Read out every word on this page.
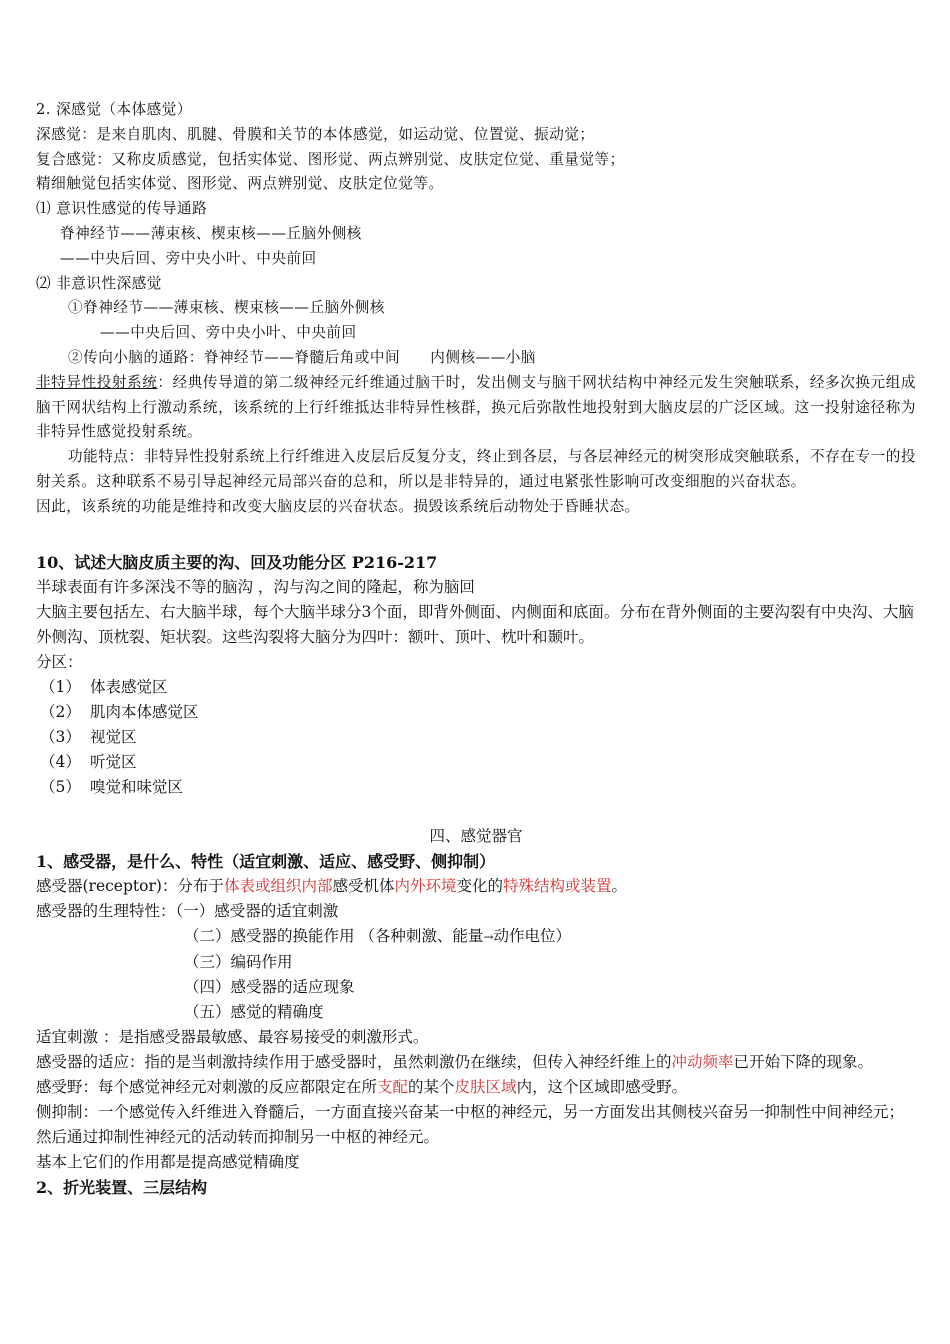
2. 深感觉（本体感觉）
深感觉：是来自肌肉、肌腱、骨膜和关节的本体感觉，如运动觉、位置觉、振动觉；
复合感觉：又称皮质感觉，包括实体觉、图形觉、两点辨别觉、皮肤定位觉、重量觉等；
精细触觉包括实体觉、图形觉、两点辨别觉、皮肤定位觉等。
⑴ 意识性感觉的传导通路
脊神经节——薄束核、楔束核——丘脑外侧核
——中央后回、旁中央小叶、中央前回
⑵ 非意识性深感觉
①脊神经节——薄束核、楔束核——丘脑外侧核
——中央后回、旁中央小叶、中央前回
②传向小脑的通路：脊神经节——脊髓后角或中间　　内侧核——小脑
非特异性投射系统：经典传导道的第二级神经元纤维通过脑干时，发出侧支与脑干网状结构中神经元发生突触联系，经多次换元组成脑干网状结构上行激动系统，该系统的上行纤维抵达非特异性核群，换元后弥散性地投射到大脑皮层的广泛区域。这一投射途径称为非特异性感觉投射系统。
功能特点：非特异性投射系统上行纤维进入皮层后反复分支，终止到各层，与各层神经元的树突形成突触联系，不存在专一的投射关系。这种联系不易引导起神经元局部兴奋的总和，所以是非特异的，通过电紧张性影响可改变细胞的兴奋状态。
因此，该系统的功能是维持和改变大脑皮层的兴奋状态。损毁该系统后动物处于昏睡状态。
10、试述大脑皮质主要的沟、回及功能分区 P216-217
半球表面有许多深浅不等的脑沟 ，沟与沟之间的隆起，称为脑回
大脑主要包括左、右大脑半球，每个大脑半球分3个面，即背外侧面、内侧面和底面。分布在背外侧面的主要沟裂有中央沟、大脑外侧沟、顶枕裂、矩状裂。这些沟裂将大脑分为四叶：额叶、顶叶、枕叶和颞叶。
分区：
（1） 体表感觉区
（2） 肌肉本体感觉区
（3） 视觉区
（4） 听觉区
（5） 嗅觉和味觉区
四、感觉器官
1、感受器，是什么、特性（适宜刺激、适应、感受野、侧抑制）
感受器(receptor)：分布于体表或组织内部感受机体内外环境变化的特殊结构或装置。
感受器的生理特性：（一）感受器的适宜刺激
（二）感受器的换能作用 （各种刺激、能量→动作电位）
（三）编码作用
（四）感受器的适应现象
（五）感觉的精确度
适宜刺激 ：是指感受器最敏感、最容易接受的刺激形式。
感受器的适应：指的是当刺激持续作用于感受器时，虽然刺激仍在继续，但传入神经纤维上的冲动频率已开始下降的现象。
感受野：每个感觉神经元对刺激的反应都限定在所支配的某个皮肤区域内，这个区域即感受野。
侧抑制：一个感觉传入纤维进入脊髓后，一方面直接兴奋某一中枢的神经元，另一方面发出其侧枝兴奋另一抑制性中间神经元；然后通过抑制性神经元的活动转而抑制另一中枢的神经元。
基本上它们的作用都是提高感觉精确度
2、折光装置、三层结构
